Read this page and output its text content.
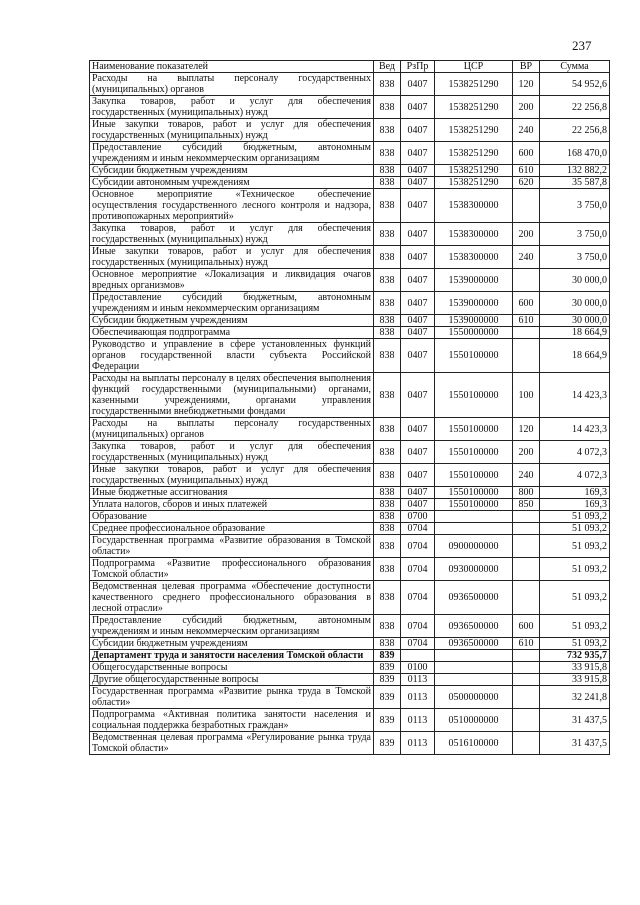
237
Наименование показателей	Вед	РзПр	ЦСР	ВР	Сумма
Расходы на выплаты персоналу государственных (муниципальных) органов	838	0407	1538251290	120	54 952,6
Закупка товаров, работ и услуг для обеспечения государственных (муниципальных) нужд	838	0407	1538251290	200	22 256,8
Иные закупки товаров, работ и услуг для обеспечения государственных (муниципальных) нужд	838	0407	1538251290	240	22 256,8
Предоставление субсидий бюджетным, автономным учреждениям и иным некоммерческим организациям	838	0407	1538251290	600	168 470,0
Субсидии бюджетным учреждениям	838	0407	1538251290	610	132 882,2
Субсидии автономным учреждениям	838	0407	1538251290	620	35 587,8
Основное мероприятие «Техническое обеспечение осуществления государственного лесного контроля и надзора, противопожарных мероприятий»	838	0407	1538300000		3 750,0
Закупка товаров, работ и услуг для обеспечения государственных (муниципальных) нужд	838	0407	1538300000	200	3 750,0
Иные закупки товаров, работ и услуг для обеспечения государственных (муниципальных) нужд	838	0407	1538300000	240	3 750,0
Основное мероприятие «Локализация и ликвидация очагов вредных организмов»	838	0407	1539000000		30 000,0
Предоставление субсидий бюджетным, автономным учреждениям и иным некоммерческим организациям	838	0407	1539000000	600	30 000,0
Субсидии бюджетным учреждениям	838	0407	1539000000	610	30 000,0
Обеспечивающая подпрограмма	838	0407	1550000000		18 664,9
Руководство и управление в сфере установленных функций органов государственной власти субъекта Российской Федерации	838	0407	1550100000		18 664,9
Расходы на выплаты персоналу в целях обеспечения выполнения функций государственными (муниципальными) органами, казенными учреждениями, органами управления государственными внебюджетными фондами	838	0407	1550100000	100	14 423,3
Расходы на выплаты персоналу государственных (муниципальных) органов	838	0407	1550100000	120	14 423,3
Закупка товаров, работ и услуг для обеспечения государственных (муниципальных) нужд	838	0407	1550100000	200	4 072,3
Иные закупки товаров, работ и услуг для обеспечения государственных (муниципальных) нужд	838	0407	1550100000	240	4 072,3
Иные бюджетные ассигнования	838	0407	1550100000	800	169,3
Уплата налогов, сборов и иных платежей	838	0407	1550100000	850	169,3
Образование	838	0700			51 093,2
Среднее профессиональное образование	838	0704			51 093,2
Государственная программа «Развитие образования в Томской области»	838	0704	0900000000		51 093,2
Подпрограмма «Развитие профессионального образования Томской области»	838	0704	0930000000		51 093,2
Ведомственная целевая программа «Обеспечение доступности качественного среднего профессионального образования в лесной отрасли»	838	0704	0936500000		51 093,2
Предоставление субсидий бюджетным, автономным учреждениям и иным некоммерческим организациям	838	0704	0936500000	600	51 093,2
Субсидии бюджетным учреждениям	838	0704	0936500000	610	51 093,2
Департамент труда и занятости населения Томской области	839				732 935,7
Общегосударственные вопросы	839	0100			33 915,8
Другие общегосударственные вопросы	839	0113			33 915,8
Государственная программа «Развитие рынка труда в Томской области»	839	0113	0500000000		32 241,8
Подпрограмма «Активная политика занятости населения и социальная поддержка безработных граждан»	839	0113	0510000000		31 437,5
Ведомственная целевая программа «Регулирование рынка труда Томской области»	839	0113	0516100000		31 437,5
